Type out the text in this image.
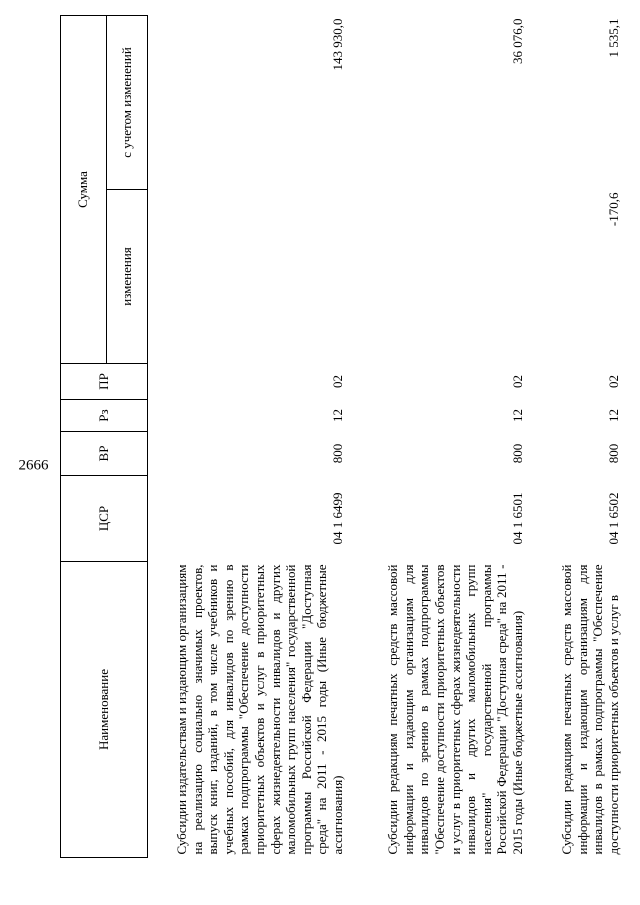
2666
Наименование	ЦСР	ВР	Рз	ПР	Сумма	
					изменения	с учетом изменений
Субсидии издательствам и издающим организациям на реализацию социально значимых проектов, выпуск книг, изданий, в том числе учебников и учебных пособий, для инвалидов по зрению в рамках подпрограммы "Обеспечение доступности приоритетных объектов и услуг в приоритетных сферах жизнедеятельности инвалидов и других маломобильных групп населения" государственной программы Российской Федерации "Доступная среда" на 2011 - 2015 годы (Иные бюджетные ассигнования)	04 1 6499	800	12	02		143 930,0
Субсидии редакциям печатных средств массовой информации и издающим организациям для инвалидов по зрению в рамках подпрограммы "Обеспечение доступности приоритетных объектов и услуг в приоритетных сферах жизнедеятельности инвалидов и других маломобильных групп населения" государственной программы Российской Федерации "Доступная среда" на 2011 - 2015 годы (Иные бюджетные ассигнования)	04 1 6501	800	12	02		36 076,0
Субсидии редакциям печатных средств массовой информации и издающим организациям для инвалидов в рамках подпрограммы "Обеспечение доступности приоритетных объектов и услуг в	04 1 6502	800	12	02	-170,6	1 535,1
